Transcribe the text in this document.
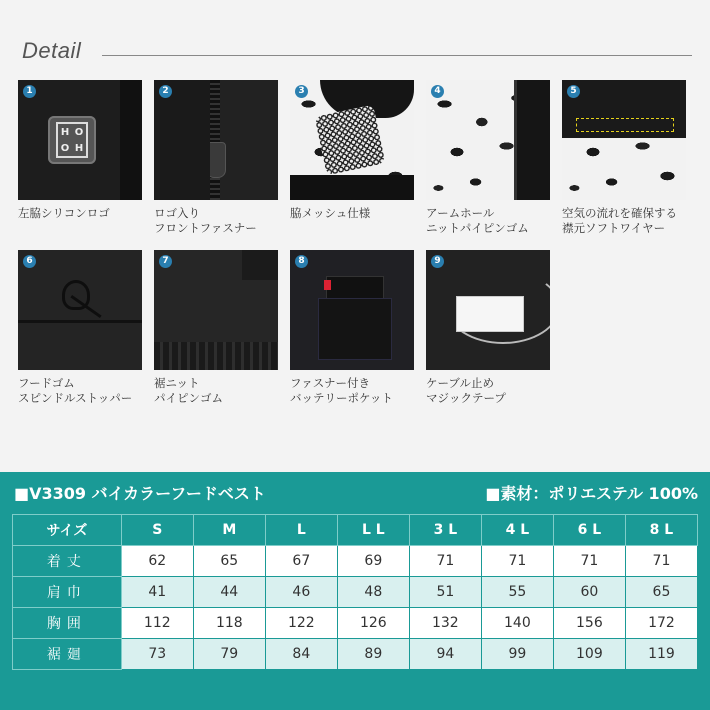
Detail
1
H O
O H
左脇シリコンロゴ
2
ロゴ入り
フロントファスナー
3
脇メッシュ仕様
4
アームホール
ニットパイピンゴム
5
空気の流れを確保する
襟元ソフトワイヤー
6
フードゴム
スピンドルストッパー
7
裾ニット
パイピンゴム
8
ファスナー付き
バッテリーポケット
9
ケーブル止め
マジックテープ
■V3309 バイカラーフードベスト	■素材：ポリエステル 100%
サイズ	S	M	L	L L	3 L	4 L	6 L	8 L
着丈	62	65	67	69	71	71	71	71
肩巾	41	44	46	48	51	55	60	65
胸囲	112	118	122	126	132	140	156	172
裾廻	73	79	84	89	94	99	109	119
